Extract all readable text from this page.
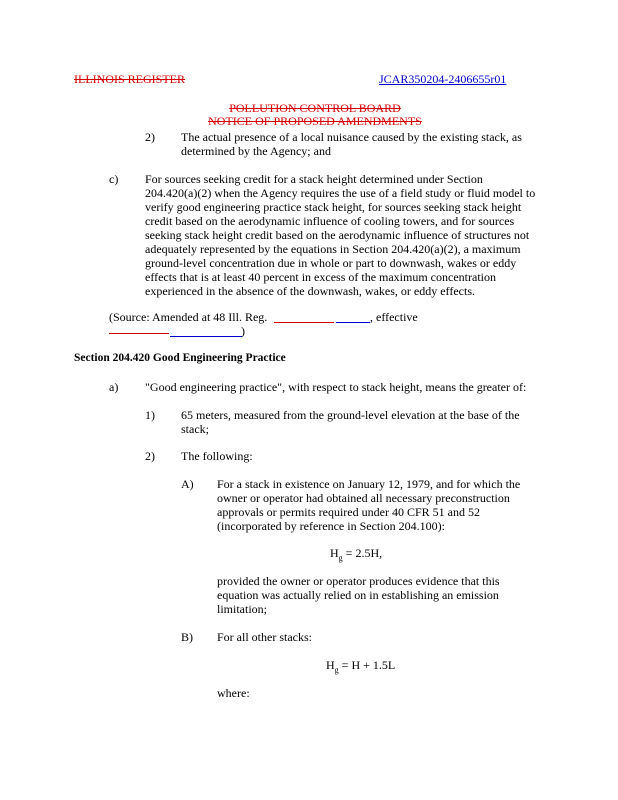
ILLINOIS REGISTER	JCAR350204-2406655r01
POLLUTION CONTROL BOARD
NOTICE OF PROPOSED AMENDMENTS
2) The actual presence of a local nuisance caused by the existing stack, as
determined by the Agency; and
c) For sources seeking credit for a stack height determined under Section
204.420(a)(2) when the Agency requires the use of a field study or fluid model to
verify good engineering practice stack height, for sources seeking stack height
credit based on the aerodynamic influence of cooling towers, and for sources
seeking stack height credit based on the aerodynamic influence of structures not
adequately represented by the equations in Section 204.420(a)(2), a maximum
ground-level concentration due in whole or part to downwash, wakes or eddy
effects that is at least 40 percent in excess of the maximum concentration
experienced in the absence of the downwash, wakes, or eddy effects.
(Source: Amended at 48 Ill. Reg.	, effective
)
Section 204.420 Good Engineering Practice
a) "Good engineering practice", with respect to stack height, means the greater of:
1) 65 meters, measured from the ground-level elevation at the base of the
stack;
2) The following:
A) For a stack in existence on January 12, 1979, and for which the
owner or operator had obtained all necessary preconstruction
approvals or permits required under 40 CFR 51 and 52
(incorporated by reference in Section 204.100):
$H_g = 2.5H$,
provided the owner or operator produces evidence that this
equation was actually relied on in establishing an emission
limitation;
B) For all other stacks:
$H_g = H + 1.5L$
where:
